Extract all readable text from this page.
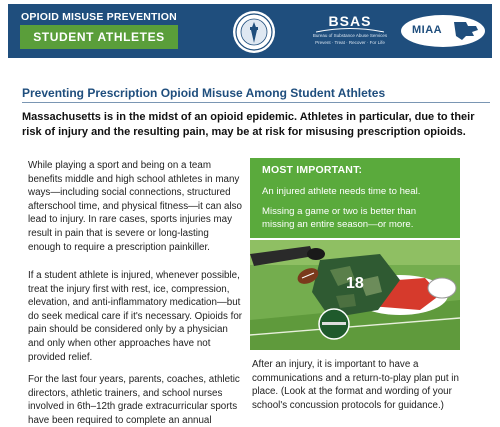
OPIOID MISUSE PREVENTION
STUDENT ATHLETES
BSAS
Bureau of Substance Abuse Services
Prevent · Treat · Recover · For Life
MIAA
Preventing Prescription Opioid Misuse Among Student Athletes
Massachusetts is in the midst of an opioid epidemic. Athletes in particular, due to their risk of injury and the resulting pain, may be at risk for misusing prescription opioids.

While playing a sport and being on a team benefits middle and high school athletes in many ways—including social connections, structured afterschool time, and physical fitness—it can also lead to injury. In rare cases, sports injuries may result in pain that is severe or long-lasting enough to require a prescription painkiller.

If a student athlete is injured, whenever possible, treat the injury first with rest, ice, compression, elevation, and anti-inflammatory medication—but do seek medical care if it's necessary. Opioids for pain should be considered only by a physician and only when other approaches have not provided relief.

For the last four years, parents, coaches, athletic directors, athletic trainers, and school nurses involved in 6th–12th grade extracurricular sports have been required to complete an annual

MOST IMPORTANT:
An injured athlete needs time to heal.
Missing a game or two is better than
missing an entire season—or more.
18

After an injury, it is important to have a communications and a return-to-play plan put in place. (Look at the format and wording of your school's concussion protocols for guidance.)
